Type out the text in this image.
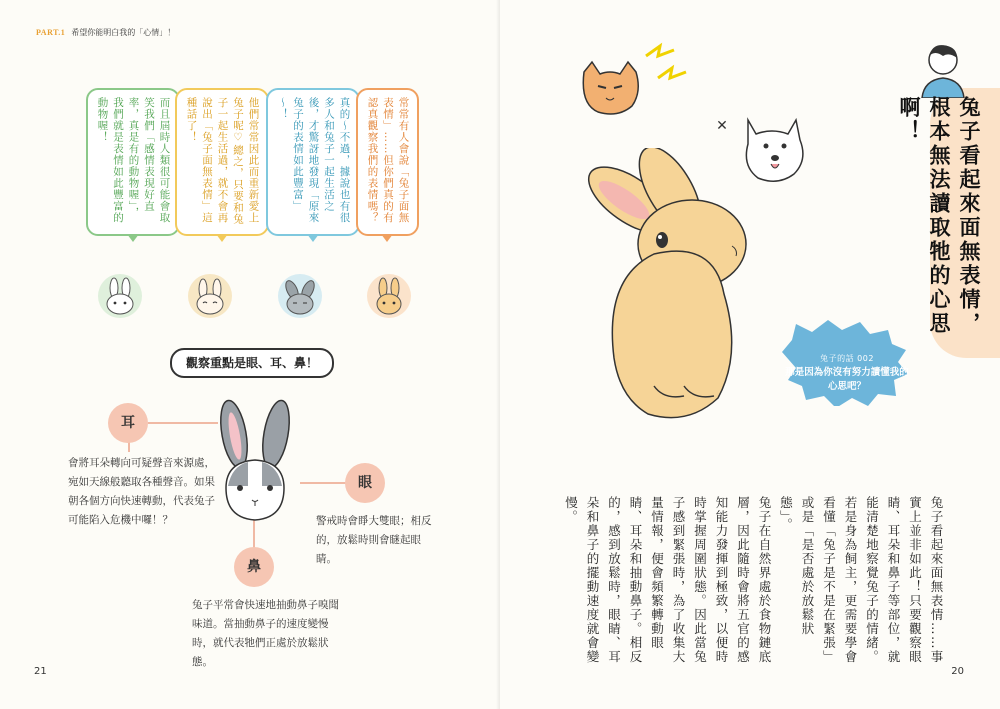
PART.1 希望你能明白我的「心情」！
而且屆時人類很可能會取笑我們「感情表現好直率，真是有的動物喔」，我們就是表情如此豐富的動物喔！	他們常常因此而重新愛上兔子呢♡總之，只要和兔子一起生活過，就不會再說出「兔子面無表情」這種話了！	真的～不過，據說也有很多人和兔子一起生活之後，才驚訝地發現「原來兔子的表情如此豐富」～！	常常有人會說「兔子面無表情」……但你們真的有認真觀察我們的表情嗎？
觀察重點是眼、耳、鼻！
耳
眼
鼻
會將耳朵轉向可疑聲音來源處，宛如天線般聽取各種聲音。如果朝各個方向快速轉動，代表兔子可能陷入危機中囉！？	警戒時會睜大雙眼；相反的，放鬆時則會瞇起眼睛。
兔子平常會快速地抽動鼻子嗅聞味道。當抽動鼻子的速度變慢時，就代表牠們正處於放鬆狀態。
21
✕
兔子的話 002
那是因為你沒有努力讀懂我的心思吧？
兔子看起來面無表情，根本無法讀取牠的心思啊！

兔子看起來面無表情……事實上並非如此！只要觀察眼睛、耳朵和鼻子等部位，就能清楚地察覺兔子的情緒。若是身為飼主，更需要學會看懂「兔子是不是在緊張」或是「是否處於放鬆狀態」。

兔子在自然界處於食物鏈底層，因此隨時會將五官的感知能力發揮到極致，以便時時掌握周圍狀態。因此當兔子感到緊張時，為了收集大量情報，便會頻繁轉動眼睛、耳朵和抽動鼻子。相反的，感到放鬆時，眼睛、耳朵和鼻子的擺動速度就會變慢。

20
